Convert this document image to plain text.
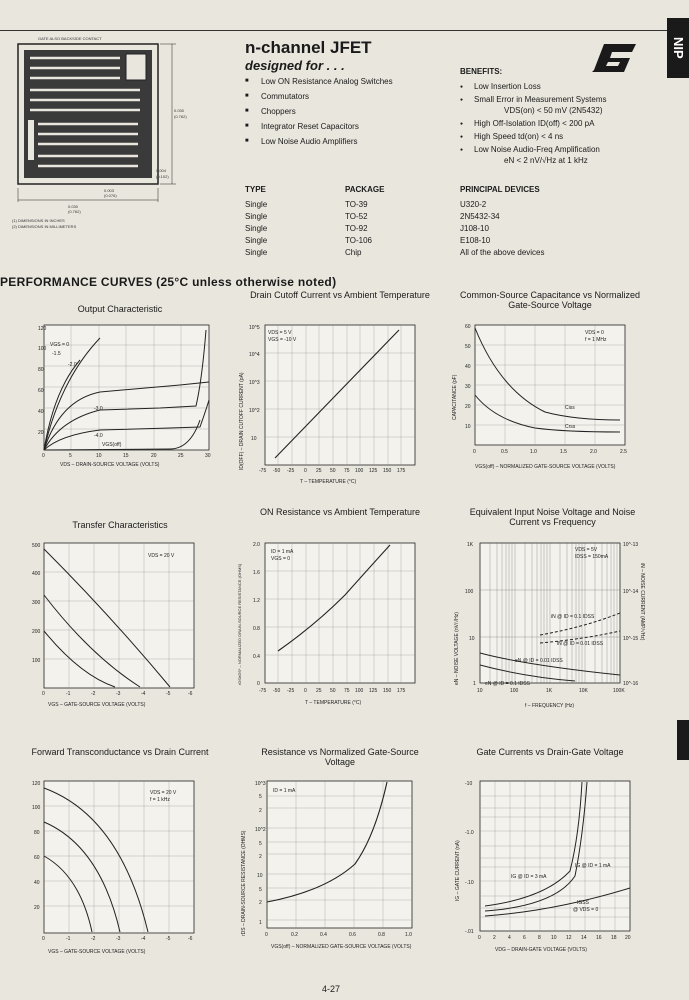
NIP
GATE ALSO BACKSIDE CONTACT
0.030
(0.762)
0.004
(0.102)
0.003
(0.076)
0.030
(0.762)
(1) DIMENSIONS IN INCHES
(2) DIMENSIONS IN MILLIMETERS

n-channel JFET

designed for . . .

■ Low ON Resistance Analog Switches
■ Commutators
■ Choppers
■ Integrator Reset Capacitors
■ Low Noise Audio Amplifiers
BENEFITS:
● Low Insertion Loss
● Small Error in Measurement Systems
VDS(on) < 50 mV (2N5432)
● High Off-Isolation ID(off) < 200 pA
● High Speed td(on) < 4 ns
● Low Noise Audio-Freq Amplification
eN < 2 nV/√Hz at 1 kHz
TYPE	PACKAGE	PRINCIPAL DEVICES
Single	TO-39	U320-2
Single	TO-52	2N5432-34
Single	TO-92	J108-10
Single	TO-106	E108-10
Single	Chip	All of the above devices
PERFORMANCE CURVES (25°C unless otherwise noted)
Output Characteristic
Drain Cutoff Current vs Ambient Temperature	Common-Source Capacitance vs Normalized Gate-Source Voltage
Transfer Characteristics
ON Resistance vs Ambient Temperature	Equivalent Input Noise Voltage and Noise Current vs Frequency
Forward Transconductance vs Drain Current	Resistance vs Normalized Gate-Source Voltage
Gate Currents vs Drain-Gate Voltage
VGS = 0
-1.5
-2.0
-3.0
-4.0
VGS(off)
120
100
80
60
40
20
0	5	10	15	20	25	30
VDS – DRAIN-SOURCE VOLTAGE (VOLTS)
VDS = 5 V
VGS = -10 V
10^5
10^4
10^3
10^2
10
-75 -50 -25 0 25 50 75 100 125 150 175
T – TEMPERATURE (°C)
ID(OFF) – DRAIN CUTOFF CURRENT (pA)
VDS = 0
f = 1 MHz
Ciss
Crss
60
50
40
30
20
10
0	0.5	1.0	1.5	2.0	2.5
VGS(off) – NORMALIZED GATE-SOURCE VOLTAGE (VOLTS)
CAPACITANCE (pF)
VDS = 20 V
500
400
300
200
100
0	-1	-2	-3	-4	-5	-6
VGS – GATE-SOURCE VOLTAGE (VOLTS)
ID = 1 mA
VGS = 0
2.0
1.6
1.2
0.8
0.4
0
-75 -50 -25 0 25 50 75 100 125 150 175
T – TEMPERATURE (°C)
rDS/rDS* – NORMALIZED DRAIN-SOURCE RESISTANCE (OHMS)
VDS = 5V
IDSS = 150mA
iN @ ID = 0.1 IDSS
iN @ ID = 0.01 IDSS
eN @ ID = 0.01 IDSS
eN @ ID = 0.1 IDSS
1K
100
10
1
10^-13
10^-14
10^-15
10^-16
10	100	1K	10K	100K
f – FREQUENCY (Hz)
eN – NOISE VOLTAGE (nV/√Hz)
iN – NOISE CURRENT (AMP/√Hz)
VDS = 20 V
f = 1 kHz
120
100
80
60
40
20
0	-1	-2	-3	-4	-5	-6
VGS – GATE-SOURCE VOLTAGE (VOLTS)
ID = 1 mA
10^3
5
2
10^2
5
2
10
5
2
1
0	0.2	0.4	0.6	0.8	1.0
VGS(off) – NORMALIZED GATE-SOURCE VOLTAGE (VOLTS)
rDS – DRAIN-SOURCE RESISTANCE (OHMS)	IG @ ID = 1 mA
IG @ ID = 3 mA
IGSS
@ VDS = 0
-10
-1.0
-.10
-.01
0 2 4 6 8 10 12 14 16 18 20
VDG – DRAIN-GATE VOLTAGE (VOLTS)
IG – GATE CURRENT (nA)
4-27
